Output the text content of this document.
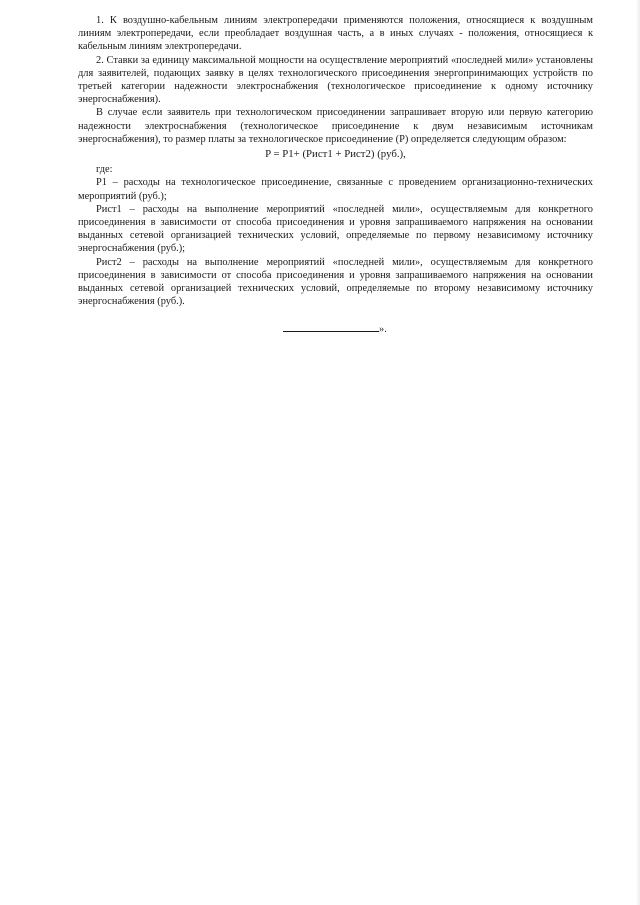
1. К воздушно-кабельным линиям электропередачи применяются положения, относящиеся к воздушным линиям электропередачи, если преобладает воздушная часть, а в иных случаях - положения, относящиеся к кабельным линиям электропередачи.

2. Ставки за единицу максимальной мощности на осуществление мероприятий «последней мили» установлены для заявителей, подающих заявку в целях технологического присоединения энергопринимающих устройств по третьей категории надежности электроснабжения (технологическое присоединение к одному источнику энергоснабжения).

В случае если заявитель при технологическом присоединении запрашивает вторую или первую категорию надежности электроснабжения (технологическое присоединение к двум независимым источникам энергоснабжения), то размер платы за технологическое присоединение (P) определяется следующим образом:

P = P1+ (Pист1 + Pист2) (руб.),

где:

P1 – расходы на технологическое присоединение, связанные с проведением организационно-технических мероприятий (руб.);

Pист1 – расходы на выполнение мероприятий «последней мили», осуществляемым для конкретного присоединения в зависимости от способа присоединения и уровня запрашиваемого напряжения на основании выданных сетевой организацией технических условий, определяемые по первому независимому источнику энергоснабжения (руб.);

Pист2 – расходы на выполнение мероприятий «последней мили», осуществляемым для конкретного присоединения в зависимости от способа присоединения и уровня запрашиваемого напряжения на основании выданных сетевой организацией технических условий, определяемые по второму независимому источнику энергоснабжения (руб.).

».
